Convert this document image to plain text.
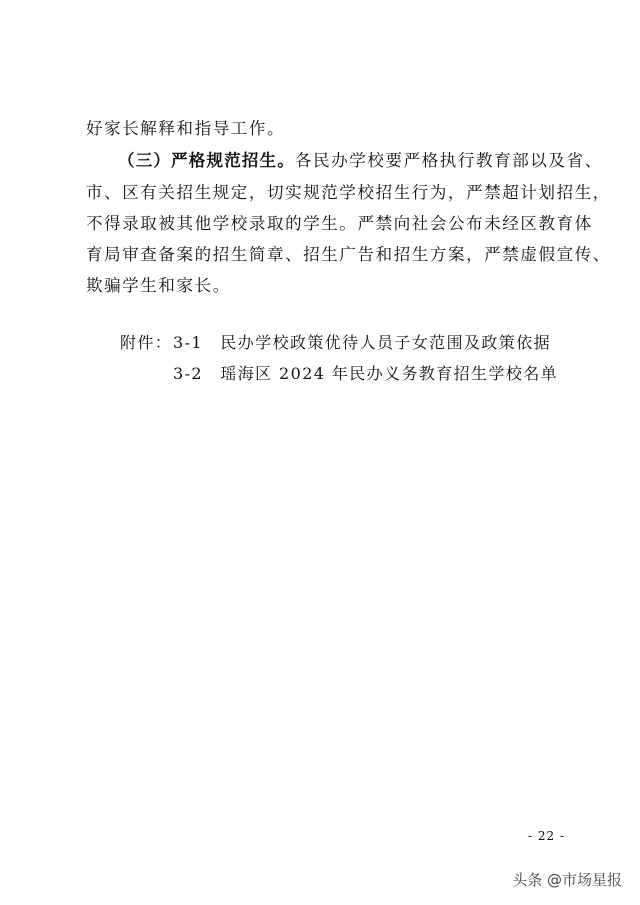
好家长解释和指导工作。
（三）严格规范招生。各民办学校要严格执行教育部以及省、
市、区有关招生规定，切实规范学校招生行为，严禁超计划招生，
不得录取被其他学校录取的学生。严禁向社会公布未经区教育体
育局审查备案的招生简章、招生广告和招生方案，严禁虚假宣传、
欺骗学生和家长。
附件： 3-1　民办学校政策优待人员子女范围及政策依据
3-2　瑶海区 2024 年民办义务教育招生学校名单
- 22 -
头条 @市场星报
